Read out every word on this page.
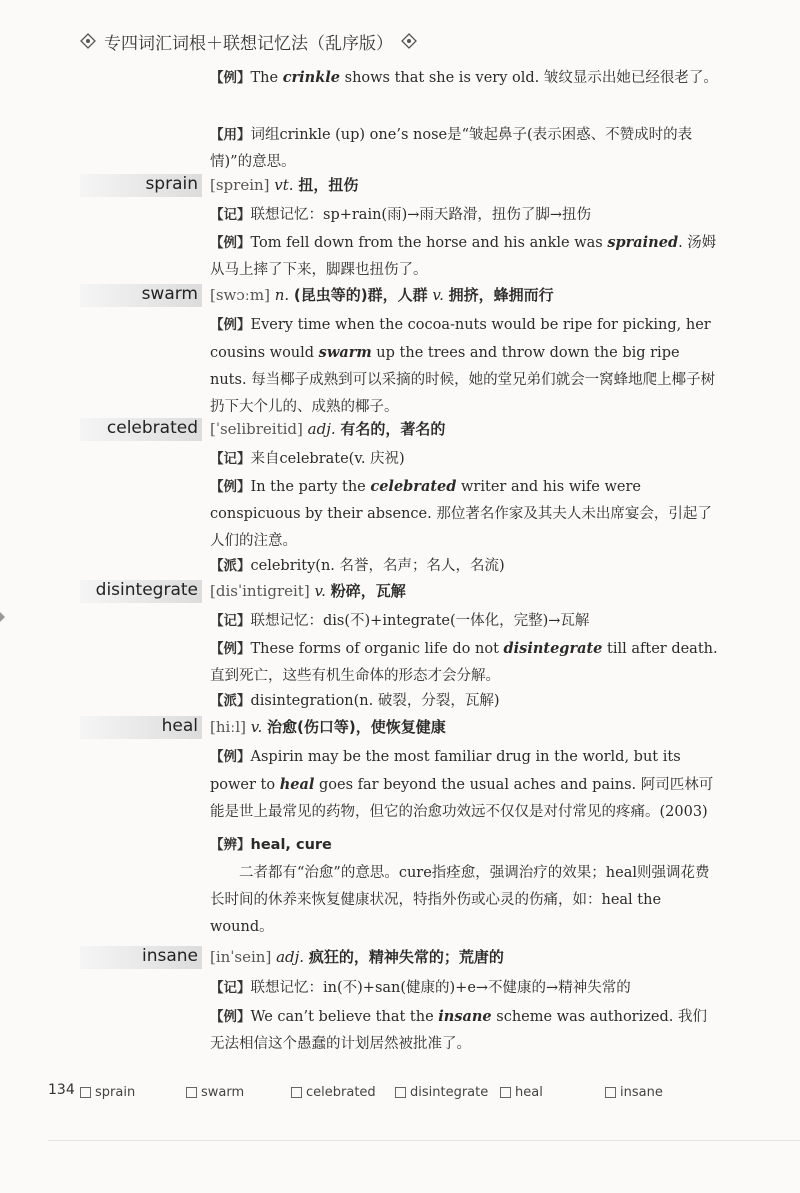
专四词汇词根＋联想记忆法（乱序版）
【例】The crinkle shows that she is very old. 皱纹显示出她已经很老了。
【用】词组crinkle (up) one’s nose是“皱起鼻子(表示困惑、不赞成时的表情)”的意思。
sprain [sprein] vt. 扭，扭伤
【记】联想记忆：sp+rain(雨)→雨天路滑，扭伤了脚→扭伤
【例】Tom fell down from the horse and his ankle was sprained. 汤姆从马上摔了下来，脚踝也扭伤了。
swarm [swɔːm] n. (昆虫等的)群，人群 v. 拥挤，蜂拥而行
【例】Every time when the cocoa-nuts would be ripe for picking, her cousins would swarm up the trees and throw down the big ripe nuts. 每当椰子成熟到可以采摘的时候，她的堂兄弟们就会一窝蜂地爬上椰子树扔下大个儿的、成熟的椰子。
celebrated [ˈselibreitid] adj. 有名的，著名的
【记】来自celebrate(v. 庆祝)
【例】In the party the celebrated writer and his wife were conspicuous by their absence. 那位著名作家及其夫人未出席宴会，引起了人们的注意。
【派】celebrity(n. 名誉，名声；名人，名流)
disintegrate [disˈintigreit] v. 粉碎，瓦解
【记】联想记忆：dis(不)+integrate(一体化，完整)→瓦解
【例】These forms of organic life do not disintegrate till after death. 直到死亡，这些有机生命体的形态才会分解。
【派】disintegration(n. 破裂，分裂，瓦解)
heal [hiːl] v. 治愈(伤口等)，使恢复健康
【例】Aspirin may be the most familiar drug in the world, but its power to heal goes far beyond the usual aches and pains. 阿司匹林可能是世上最常见的药物，但它的治愈功效远不仅仅是对付常见的疼痛。(2003)
【辨】heal, cure
二者都有“治愈”的意思。cure指痊愈，强调治疗的效果；heal则强调花费长时间的休养来恢复健康状况，特指外伤或心灵的伤痛，如：heal the wound。
insane [inˈsein] adj. 疯狂的，精神失常的；荒唐的
【记】联想记忆：in(不)+san(健康的)+e→不健康的→精神失常的
【例】We can’t believe that the insane scheme was authorized. 我们无法相信这个愚蠢的计划居然被批准了。
134 sprain	swarm	celebrated	disintegrate heal	insane
